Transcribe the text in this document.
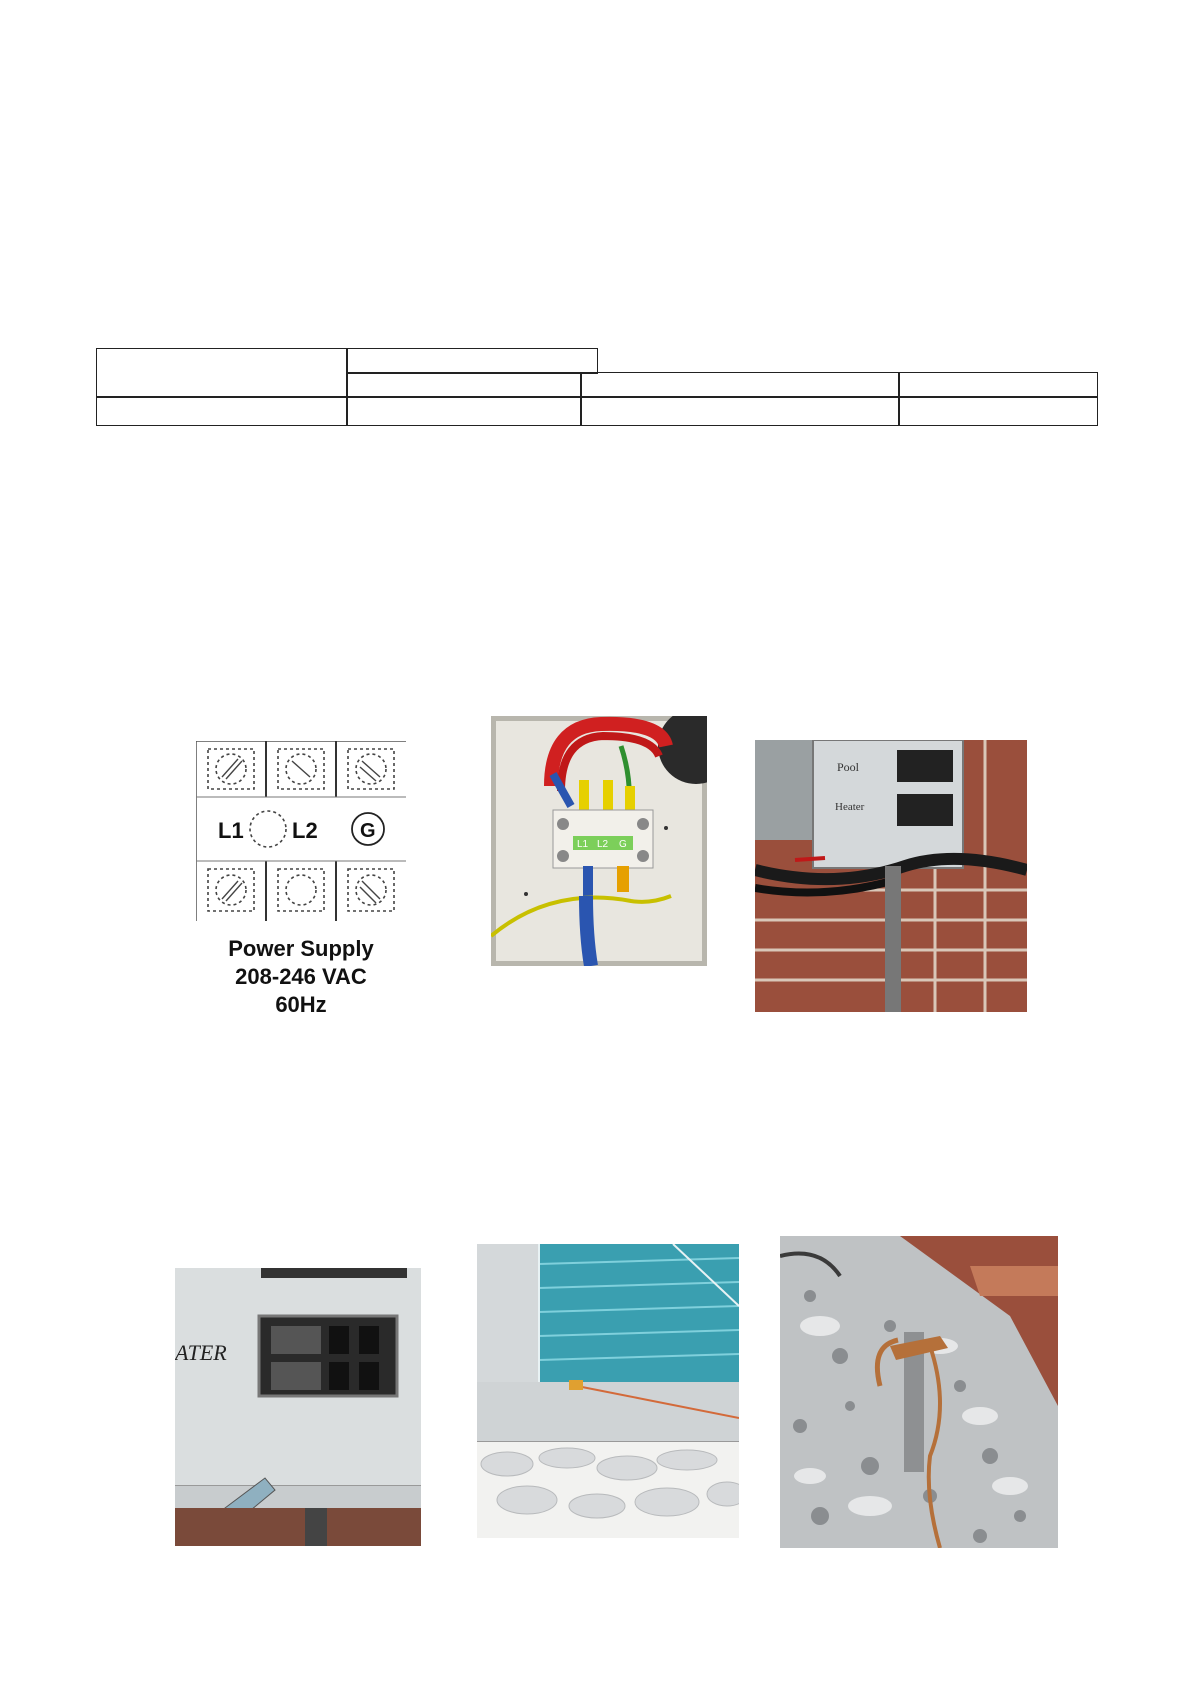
L1 L2 G
Power Supply
208-246 VAC
60Hz
L1 L2 G
Pool
Heater
ATER
